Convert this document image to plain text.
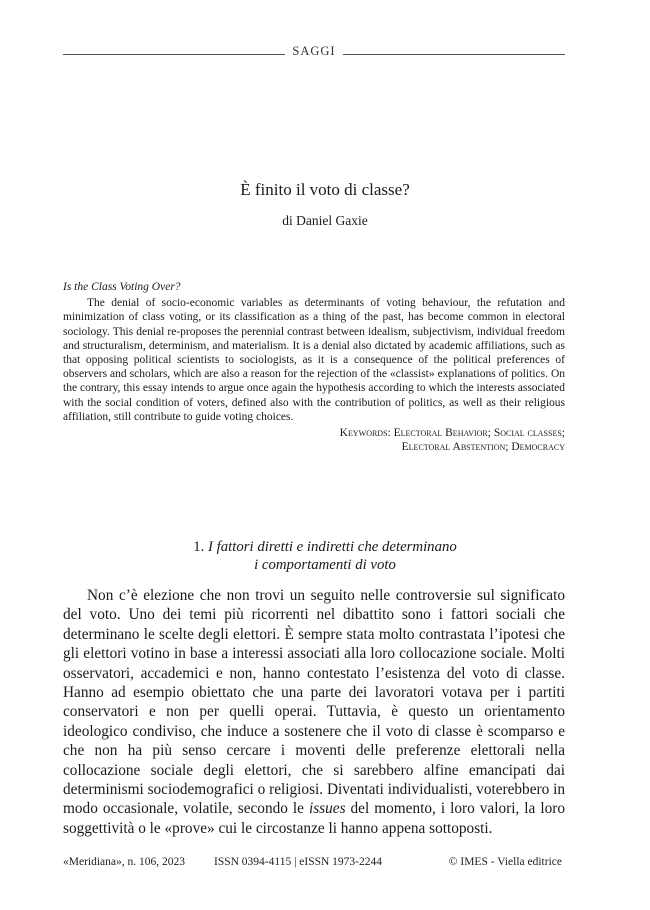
SAGGI
È finito il voto di classe?
di Daniel Gaxie

Is the Class Voting Over?

The denial of socio-economic variables as determinants of voting behaviour, the refutation and minimization of class voting, or its classification as a thing of the past, has become common in electoral sociology. This denial re-proposes the perennial contrast between idealism, subjectivism, individual freedom and structuralism, determinism, and materialism. It is a denial also dictated by academic affiliations, such as that opposing political scientists to sociologists, as it is a consequence of the political preferences of observers and scholars, which are also a reason for the rejection of the «classist» explanations of politics. On the contrary, this essay intends to argue once again the hypothesis according to which the interests associated with the social condition of voters, defined also with the contribution of politics, as well as their religious affiliation, still contribute to guide voting choices.

Keywords: Electoral Behavior; Social classes;
Electoral Abstention; Democracy
1. I fattori diretti e indiretti che determinano
i comportamenti di voto

Non c’è elezione che non trovi un seguito nelle controversie sul significato del voto. Uno dei temi più ricorrenti nel dibattito sono i fattori sociali che determinano le scelte degli elettori. È sempre stata molto contrastata l’ipotesi che gli elettori votino in base a interessi associati alla loro collocazione sociale. Molti osservatori, accademici e non, hanno contestato l’esistenza del voto di classe. Hanno ad esempio obiettato che una parte dei lavoratori votava per i partiti conservatori e non per quelli operai. Tuttavia, è questo un orientamento ideologico condiviso, che induce a sostenere che il voto di classe è scomparso e che non ha più senso cercare i moventi delle preferenze elettorali nella collocazione sociale degli elettori, che si sarebbero alfine emancipati dai determinismi sociodemografici o religiosi. Diventati individualisti, voterebbero in modo occasionale, volatile, secondo le issues del momento, i loro valori, la loro soggettività o le «prove» cui le circostanze li hanno appena sottoposti.

«Meridiana», n. 106, 2023	ISSN 0394-4115 | eISSN 1973-2244	© IMES - Viella editrice
